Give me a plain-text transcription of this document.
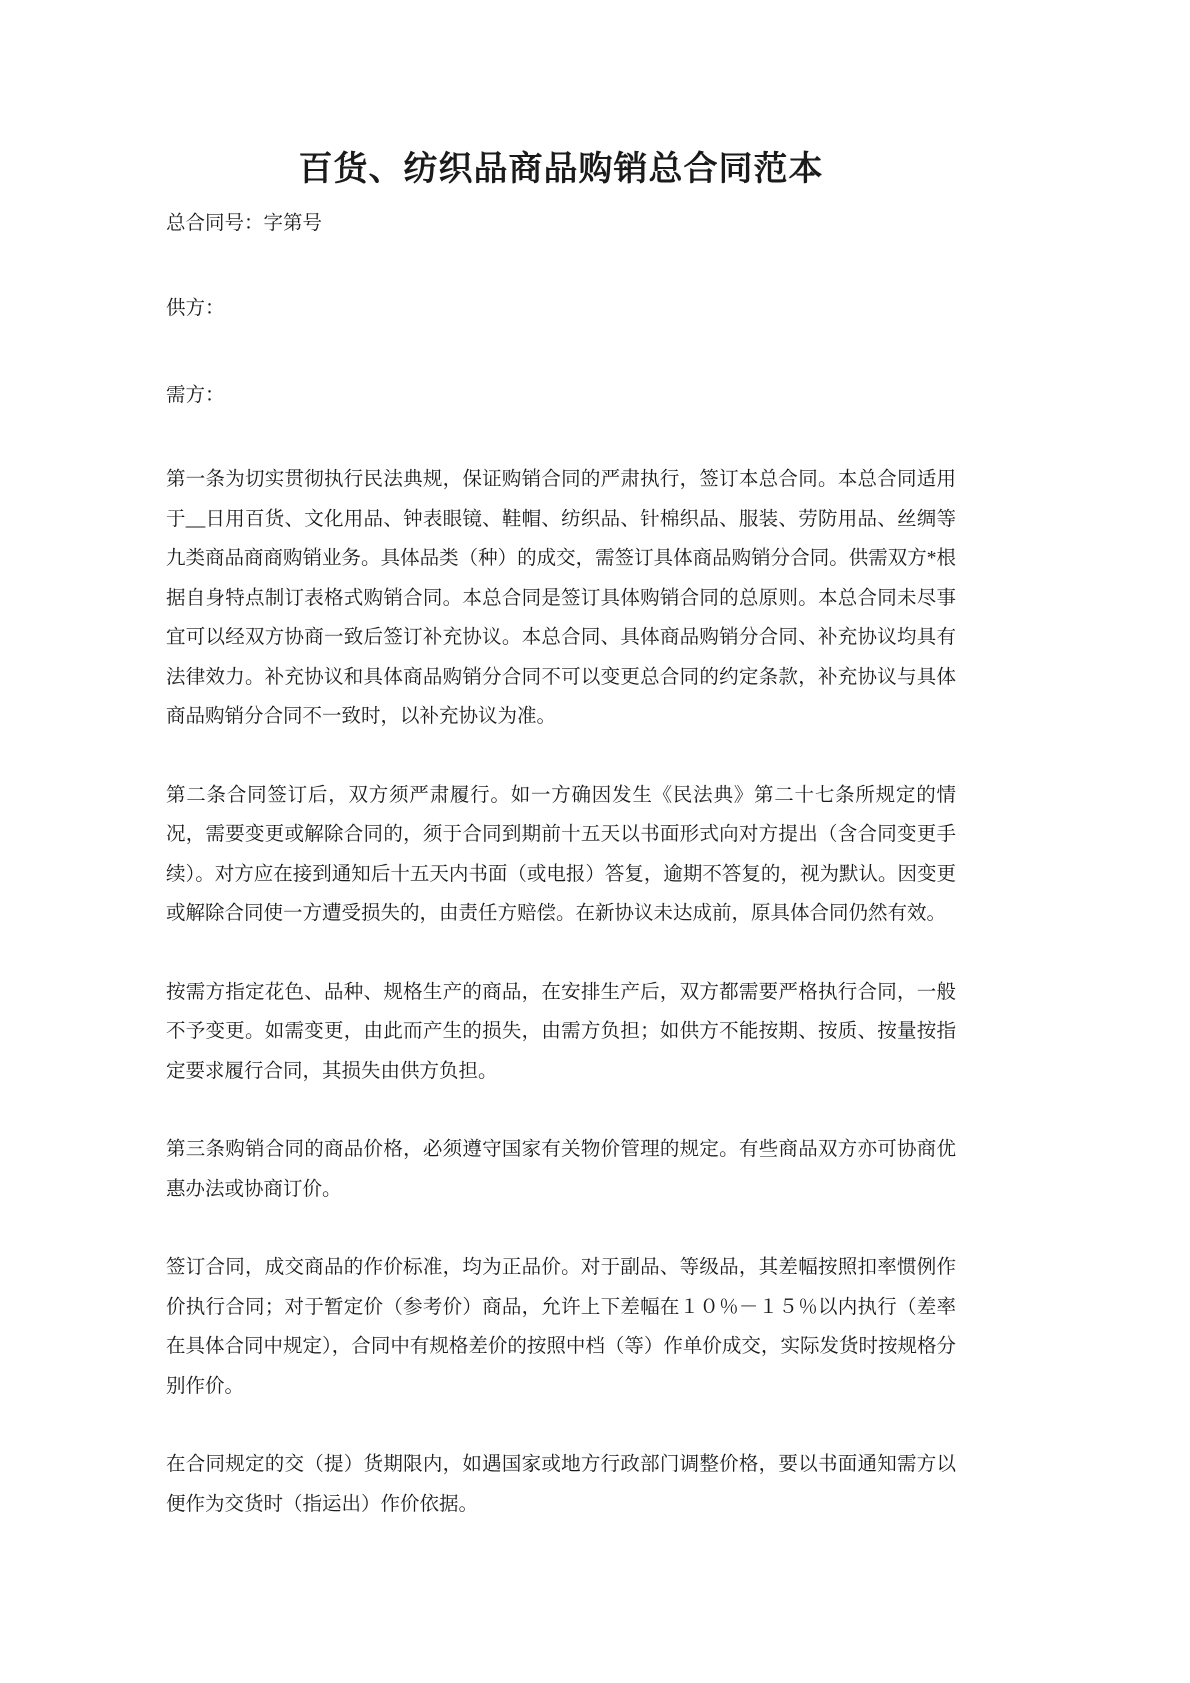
百货、纺织品商品购销总合同范本
总合同号：字第号
供方：
需方：

第一条为切实贯彻执行民法典规，保证购销合同的严肃执行，签订本总合同。本总合同适用于__日用百货、文化用品、钟表眼镜、鞋帽、纺织品、针棉织品、服装、劳防用品、丝绸等九类商品商商购销业务。具体品类（种）的成交，需签订具体商品购销分合同。供需双方*根据自身特点制订表格式购销合同。本总合同是签订具体购销合同的总原则。本总合同未尽事宜可以经双方协商一致后签订补充协议。本总合同、具体商品购销分合同、补充协议均具有法律效力。补充协议和具体商品购销分合同不可以变更总合同的约定条款，补充协议与具体商品购销分合同不一致时，以补充协议为准。

第二条合同签订后，双方须严肃履行。如一方确因发生《民法典》第二十七条所规定的情况，需要变更或解除合同的，须于合同到期前十五天以书面形式向对方提出（含合同变更手续）。对方应在接到通知后十五天内书面（或电报）答复，逾期不答复的，视为默认。因变更或解除合同使一方遭受损失的，由责任方赔偿。在新协议未达成前，原具体合同仍然有效。

按需方指定花色、品种、规格生产的商品，在安排生产后，双方都需要严格执行合同，一般不予变更。如需变更，由此而产生的损失，由需方负担；如供方不能按期、按质、按量按指定要求履行合同，其损失由供方负担。

第三条购销合同的商品价格，必须遵守国家有关物价管理的规定。有些商品双方亦可协商优惠办法或协商订价。

签订合同，成交商品的作价标准，均为正品价。对于副品、等级品，其差幅按照扣率惯例作价执行合同；对于暂定价（参考价）商品，允许上下差幅在１０％－１５％以内执行（差率在具体合同中规定），合同中有规格差价的按照中档（等）作单价成交，实际发货时按规格分别作价。

在合同规定的交（提）货期限内，如遇国家或地方行政部门调整价格，要以书面通知需方以便作为交货时（指运出）作价依据。
